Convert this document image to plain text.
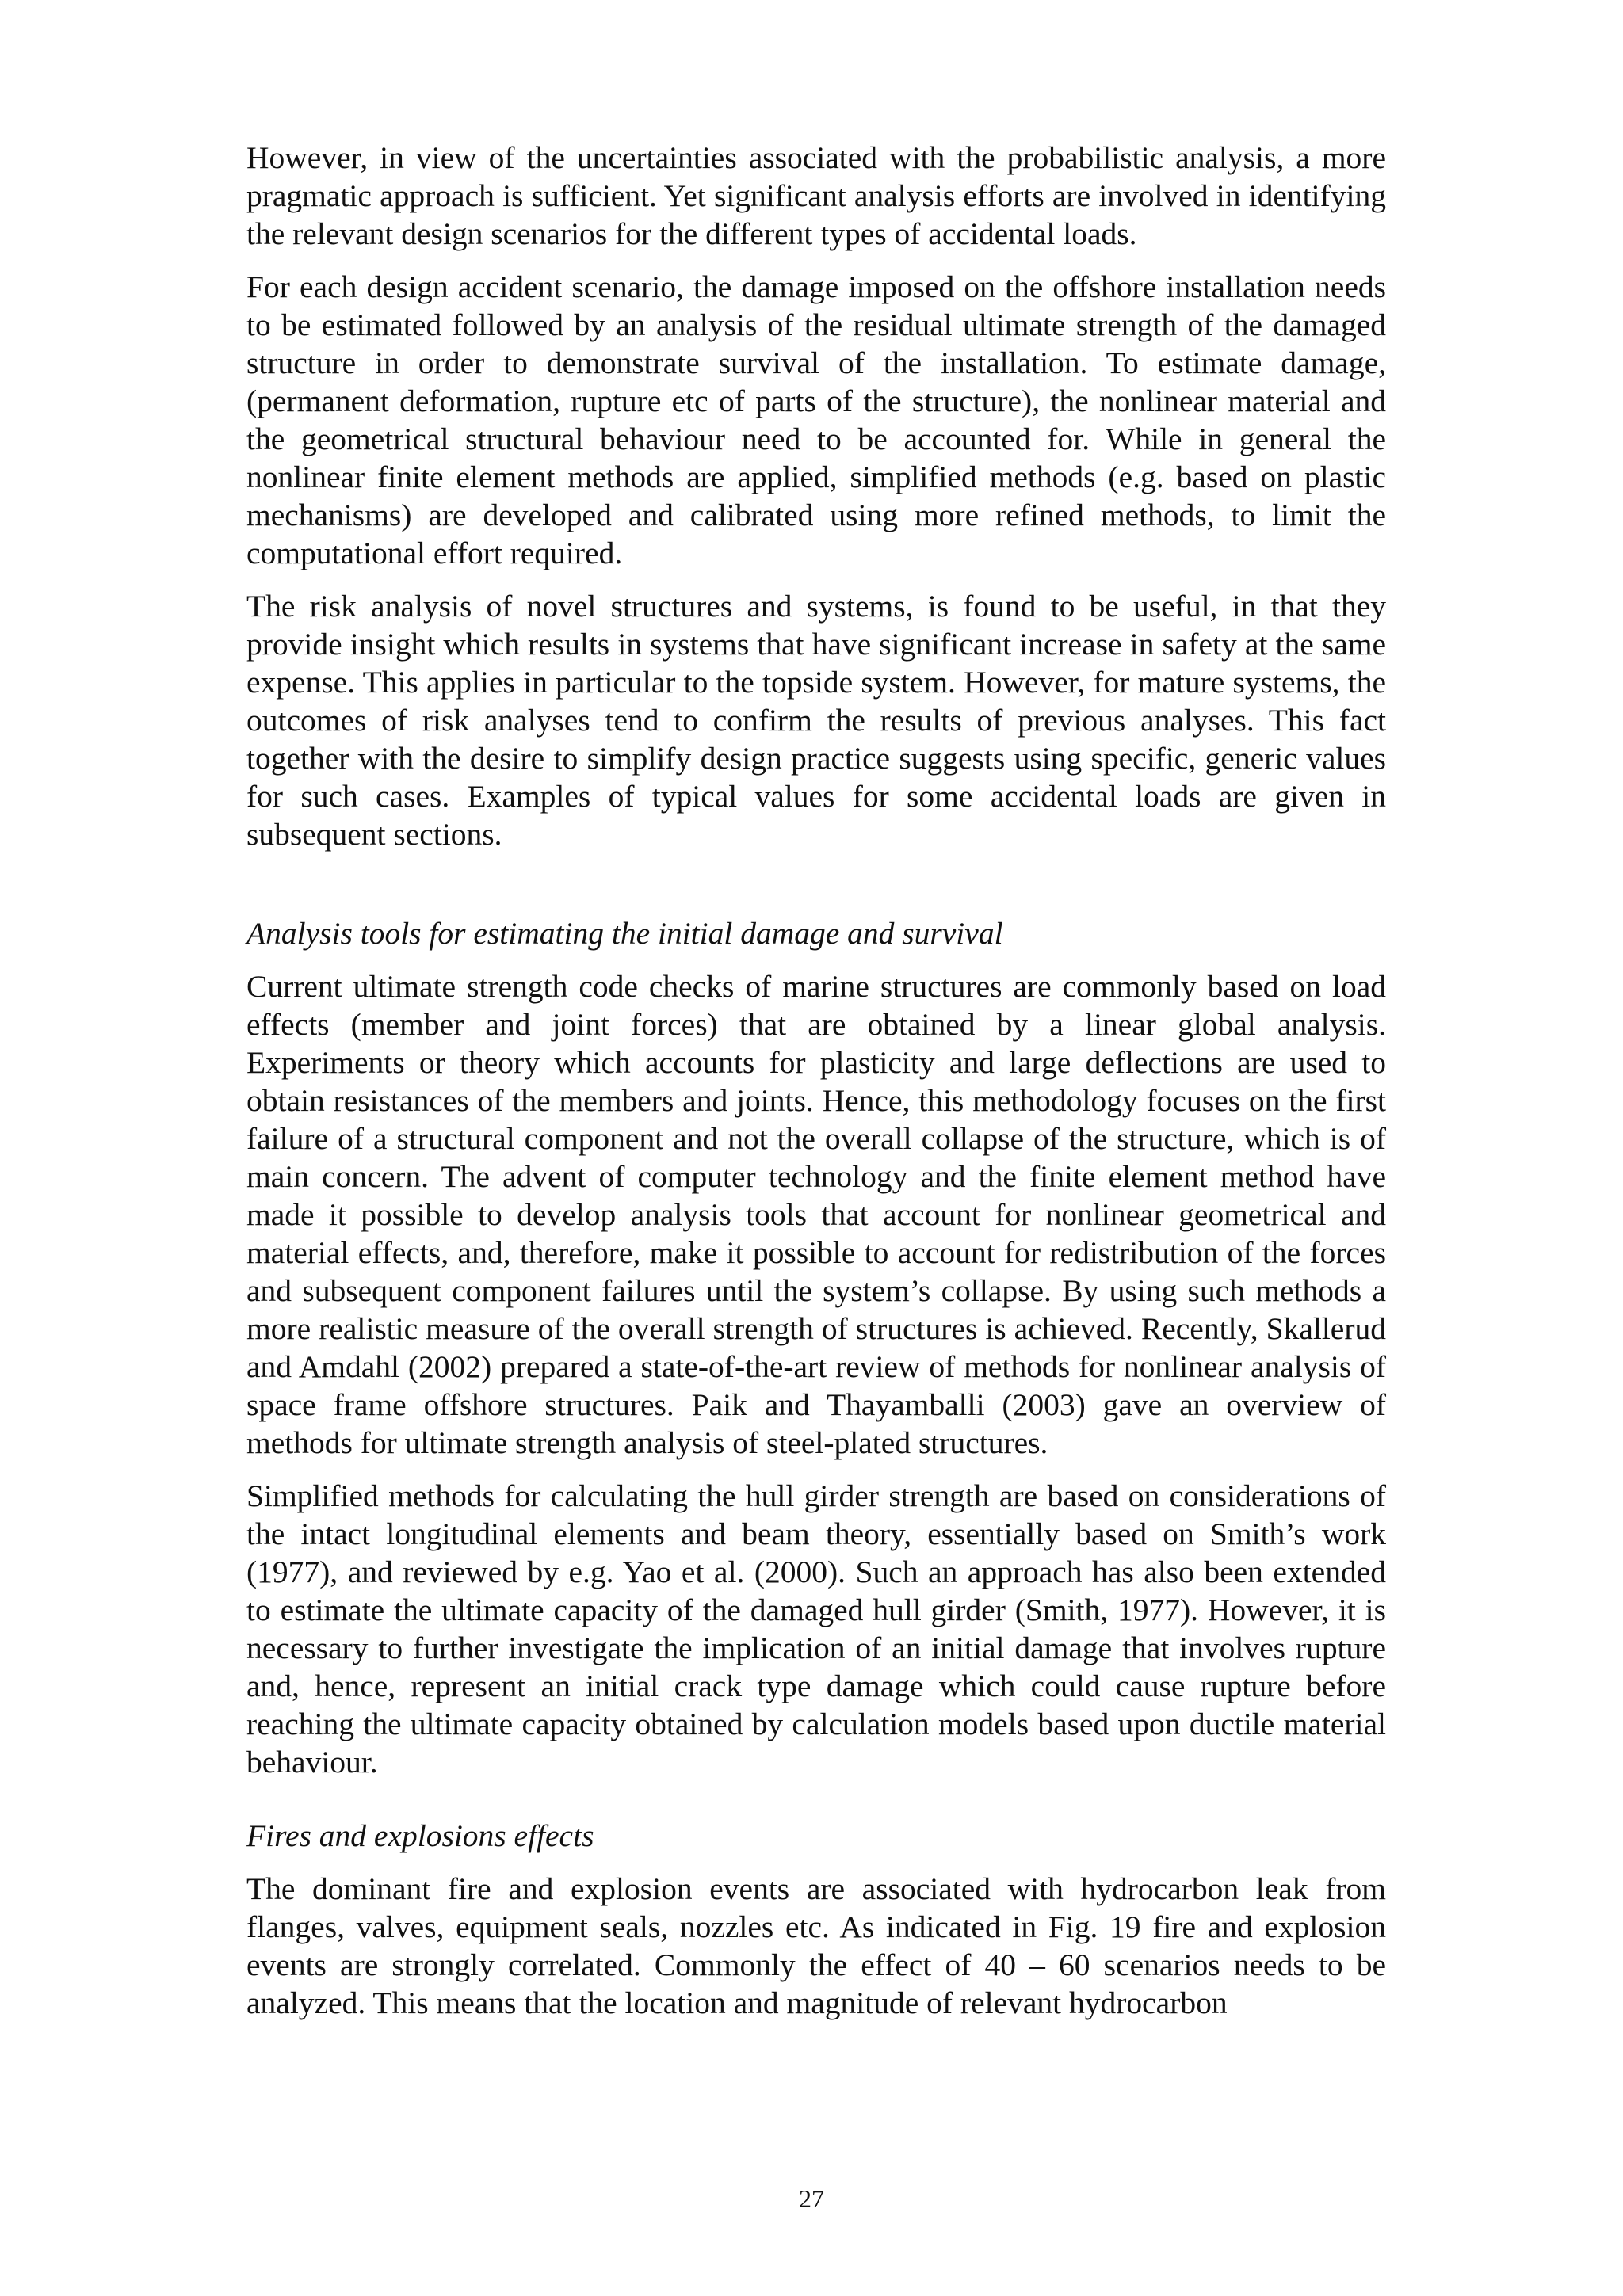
However, in view of the uncertainties associated with the probabilistic analysis, a more pragmatic approach is sufficient. Yet significant analysis efforts are involved in identifying the relevant design scenarios for the different types of accidental loads.

For each design accident scenario, the damage imposed on the offshore installation needs to be estimated followed by an analysis of the residual ultimate strength of the damaged structure in order to demonstrate survival of the installation. To estimate damage, (permanent deformation, rupture etc of parts of the structure), the nonlinear material and the geometrical structural behaviour need to be accounted for. While in general the nonlinear finite element methods are applied, simplified methods (e.g. based on plastic mechanisms) are developed and calibrated using more refined methods, to limit the computational effort required.

The risk analysis of novel structures and systems, is found to be useful, in that they provide insight which results in systems that have significant increase in safety at the same expense. This applies in particular to the topside system. However, for mature systems, the outcomes of risk analyses tend to confirm the results of previous analyses. This fact together with the desire to simplify design practice suggests using specific, generic values for such cases. Examples of typical values for some accidental loads are given in subsequent sections.

Analysis tools for estimating the initial damage and survival

Current ultimate strength code checks of marine structures are commonly based on load effects (member and joint forces) that are obtained by a linear global analysis. Experiments or theory which accounts for plasticity and large deflections are used to obtain resistances of the members and joints. Hence, this methodology focuses on the first failure of a structural component and not the overall collapse of the structure, which is of main concern. The advent of computer technology and the finite element method have made it possible to develop analysis tools that account for nonlinear geometrical and material effects, and, therefore, make it possible to account for redistribution of the forces and subsequent component failures until the system’s collapse. By using such methods a more realistic measure of the overall strength of structures is achieved. Recently, Skallerud and Amdahl (2002) prepared a state-of-the-art review of methods for nonlinear analysis of space frame offshore structures. Paik and Thayamballi (2003) gave an overview of methods for ultimate strength analysis of steel-plated structures.

Simplified methods for calculating the hull girder strength are based on considerations of the intact longitudinal elements and beam theory, essentially based on Smith’s work (1977), and reviewed by e.g. Yao et al. (2000). Such an approach has also been extended to estimate the ultimate capacity of the damaged hull girder (Smith, 1977). However, it is necessary to further investigate the implication of an initial damage that involves rupture and, hence, represent an initial crack type damage which could cause rupture before reaching the ultimate capacity obtained by calculation models based upon ductile material behaviour.

Fires and explosions effects

The dominant fire and explosion events are associated with hydrocarbon leak from flanges, valves, equipment seals, nozzles etc. As indicated in Fig. 19 fire and explosion events are strongly correlated. Commonly the effect of 40 – 60 scenarios needs to be analyzed. This means that the location and magnitude of relevant hydrocarbon

27
